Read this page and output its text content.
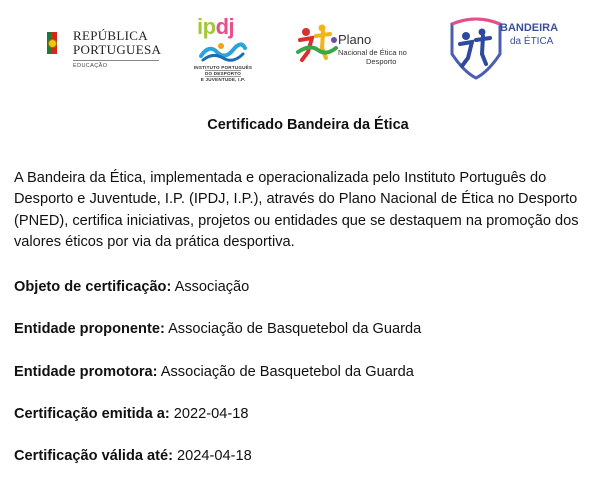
REPÚBLICA
PORTUGUESA
EDUCAÇÃO
ipdj
INSTITUTO PORTUGUÊS
DO DESPORTO
E JUVENTUDE, I.P.
Plano
Nacional de Ética no
Desporto
BANDEIRA
da ÉTICA
Certificado Bandeira da Ética

A Bandeira da Ética, implementada e operacionalizada pelo Instituto Português do Desporto e Juventude, I.P. (IPDJ, I.P.), através do Plano Nacional de Ética no Desporto (PNED), certifica iniciativas, projetos ou entidades que se destaquem na promoção dos valores éticos por via da prática desportiva.

Objeto de certificação: Associação
Entidade proponente: Associação de Basquetebol da Guarda
Entidade promotora: Associação de Basquetebol da Guarda
Certificação emitida a: 2022-04-18
Certificação válida até: 2024-04-18
